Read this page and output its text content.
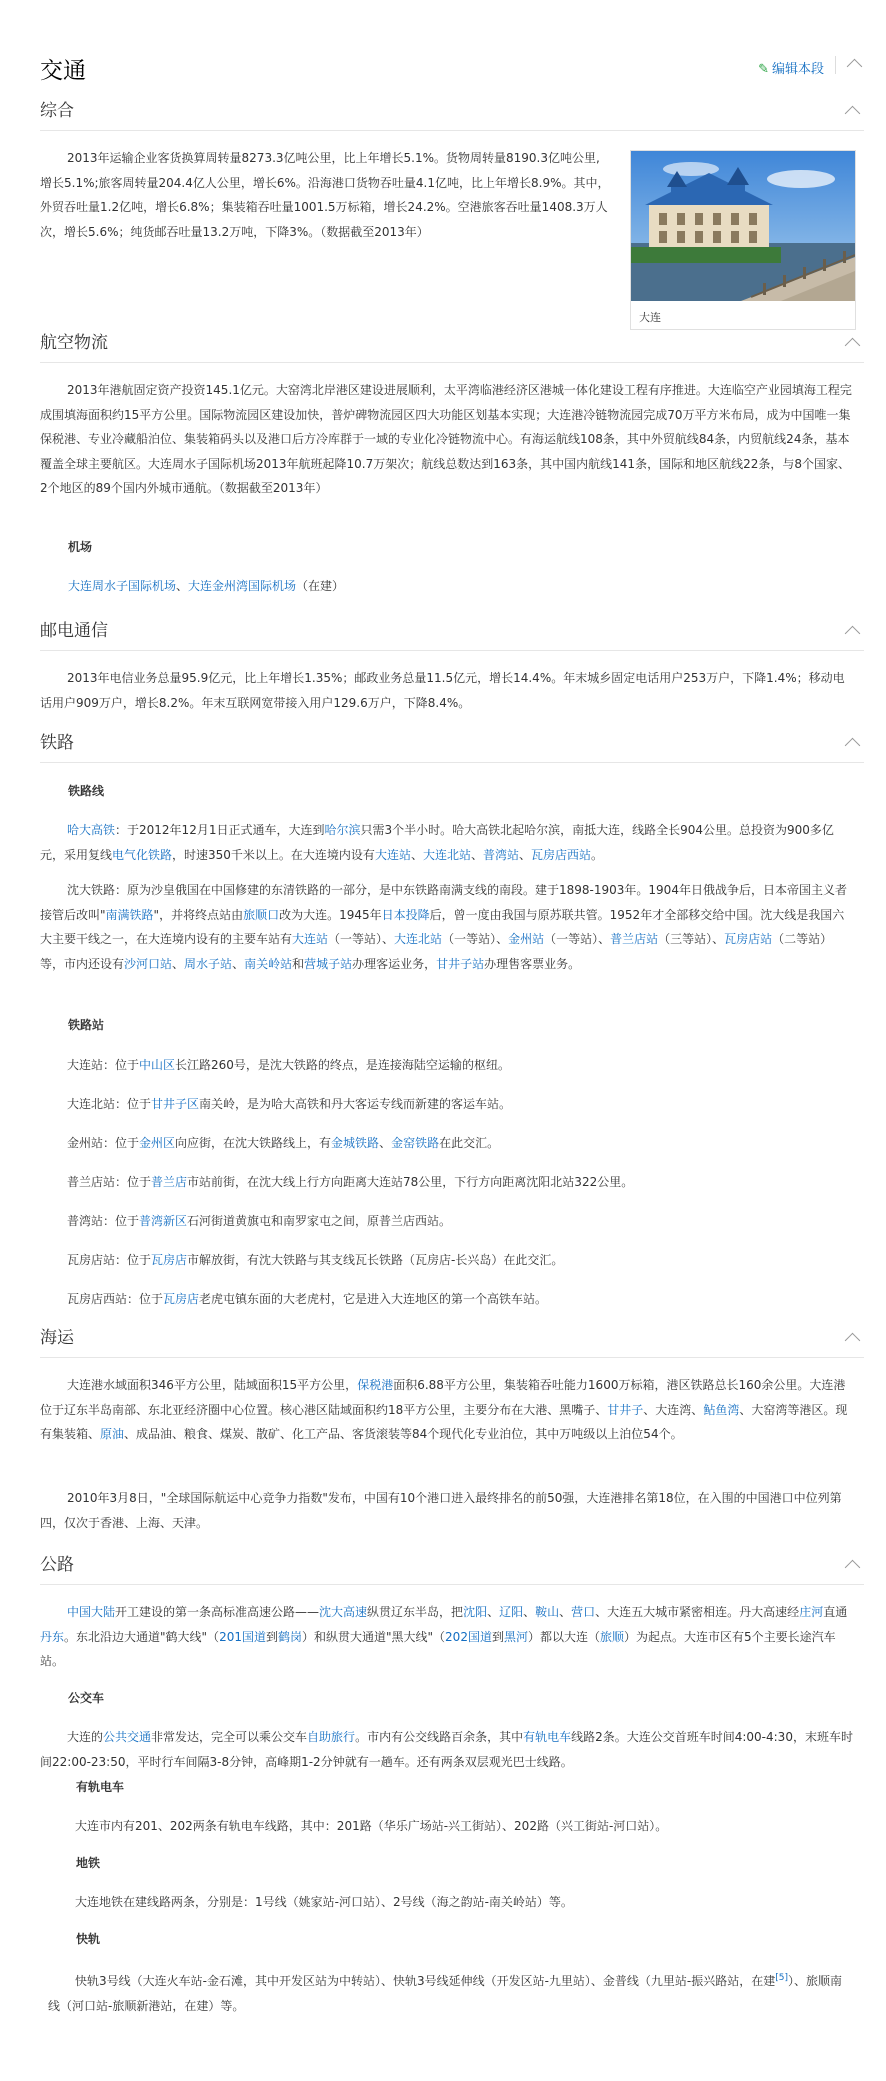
交通	✎ 编辑本段
综合

2013年运输企业客货换算周转量8273.3亿吨公里，比上年增长5.1%。货物周转量8190.3亿吨公里,增长5.1%;旅客周转量204.4亿人公里，增长6%。沿海港口货物吞吐量4.1亿吨，比上年增长8.9%。其中，外贸吞吐量1.2亿吨，增长6.8%；集装箱吞吐量1001.5万标箱，增长24.2%。空港旅客吞吐量1408.3万人次，增长5.6%；纯货邮吞吐量13.2万吨，下降3%。（数据截至2013年）

大连
航空物流

2013年港航固定资产投资145.1亿元。大窑湾北岸港区建设进展顺利，太平湾临港经济区港城一体化建设工程有序推进。大连临空产业园填海工程完成围填海面积约15平方公里。国际物流园区建设加快，普炉碑物流园区四大功能区划基本实现；大连港冷链物流园完成70万平方米布局，成为中国唯一集保税港、专业冷藏船泊位、集装箱码头以及港口后方冷库群于一域的专业化冷链物流中心。有海运航线108条，其中外贸航线84条，内贸航线24条，基本覆盖全球主要航区。大连周水子国际机场2013年航班起降10.7万架次；航线总数达到163条，其中国内航线141条，国际和地区航线22条，与8个国家、2个地区的89个国内外城市通航。（数据截至2013年）

机场

大连周水子国际机场、大连金州湾国际机场（在建）

邮电通信

2013年电信业务总量95.9亿元，比上年增长1.35%；邮政业务总量11.5亿元，增长14.4%。年末城乡固定电话用户253万户，下降1.4%；移动电话用户909万户，增长8.2%。年末互联网宽带接入用户129.6万户，下降8.4%。

铁路
铁路线

哈大高铁：于2012年12月1日正式通车，大连到哈尔滨只需3个半小时。哈大高铁北起哈尔滨，南抵大连，线路全长904公里。总投资为900多亿元，采用复线电气化铁路，时速350千米以上。在大连境内设有大连站、大连北站、普湾站、瓦房店西站。

沈大铁路：原为沙皇俄国在中国修建的东清铁路的一部分，是中东铁路南满支线的南段。建于1898-1903年。1904年日俄战争后，日本帝国主义者接管后改叫"南满铁路"，并将终点站由旅顺口改为大连。1945年日本投降后，曾一度由我国与原苏联共管。1952年才全部移交给中国。沈大线是我国六大主要干线之一，在大连境内设有的主要车站有大连站（一等站）、大连北站（一等站）、金州站（一等站）、普兰店站（三等站）、瓦房店站（二等站）等，市内还设有沙河口站、周水子站、南关岭站和营城子站办理客运业务，甘井子站办理售客票业务。

铁路站

大连站：位于中山区长江路260号，是沈大铁路的终点，是连接海陆空运输的枢纽。

大连北站：位于甘井子区南关岭，是为哈大高铁和丹大客运专线而新建的客运车站。

金州站：位于金州区向应街，在沈大铁路线上，有金城铁路、金窑铁路在此交汇。

普兰店站：位于普兰店市站前街，在沈大线上行方向距离大连站78公里，下行方向距离沈阳北站322公里。

普湾站：位于普湾新区石河街道黄旗屯和南罗家屯之间，原普兰店西站。

瓦房店站：位于瓦房店市解放街，有沈大铁路与其支线瓦长铁路（瓦房店-长兴岛）在此交汇。

瓦房店西站：位于瓦房店老虎屯镇东面的大老虎村，它是进入大连地区的第一个高铁车站。

海运

大连港水域面积346平方公里，陆域面积15平方公里，保税港面积6.88平方公里，集装箱吞吐能力1600万标箱，港区铁路总长160余公里。大连港位于辽东半岛南部、东北亚经济圈中心位置。核心港区陆域面积约18平方公里，主要分布在大港、黑嘴子、甘井子、大连湾、鲇鱼湾、大窑湾等港区。现有集装箱、原油、成品油、粮食、煤炭、散矿、化工产品、客货滚装等84个现代化专业泊位，其中万吨级以上泊位54个。

2010年3月8日，"全球国际航运中心竞争力指数"发布，中国有10个港口进入最终排名的前50强，大连港排名第18位，在入围的中国港口中位列第四，仅次于香港、上海、天津。

公路

中国大陆开工建设的第一条高标准高速公路——沈大高速纵贯辽东半岛，把沈阳、辽阳、鞍山、营口、大连五大城市紧密相连。丹大高速经庄河直通丹东。东北沿边大通道"鹤大线"（201国道到鹤岗）和纵贯大通道"黑大线"（202国道到黑河）都以大连（旅顺）为起点。大连市区有5个主要长途汽车站。

公交车

大连的公共交通非常发达，完全可以乘公交车自助旅行。市内有公交线路百余条，其中有轨电车线路2条。大连公交首班车时间4:00-4:30，末班车时间22:00-23:50，平时行车间隔3-8分钟，高峰期1-2分钟就有一趟车。还有两条双层观光巴士线路。

有轨电车

大连市内有201、202两条有轨电车线路，其中：201路（华乐广场站-兴工街站）、202路（兴工街站-河口站）。

地铁

大连地铁在建线路两条，分别是：1号线（姚家站-河口站）、2号线（海之韵站-南关岭站）等。

快轨

快轨3号线（大连火车站-金石滩，其中开发区站为中转站）、快轨3号线延伸线（开发区站-九里站）、金普线（九里站-振兴路站，在建[5]）、旅顺南线（河口站-旅顺新港站，在建）等。
